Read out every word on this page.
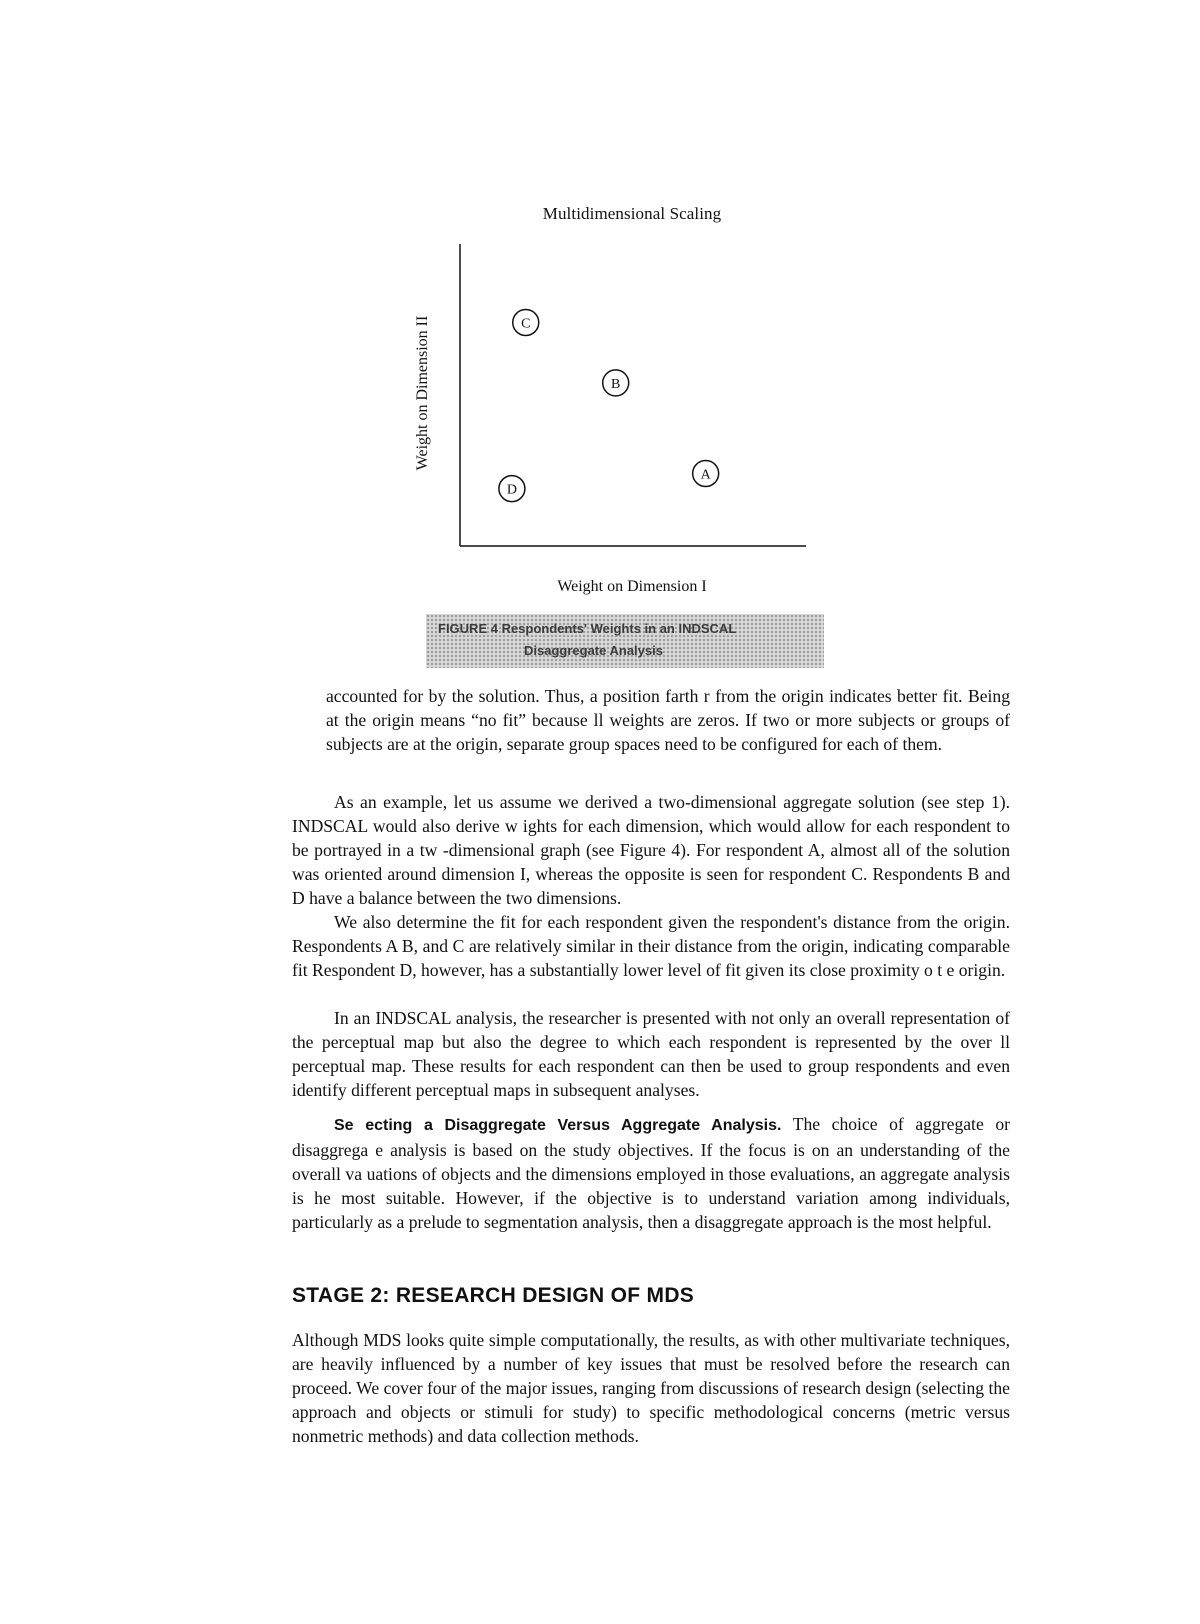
Multidimensional Scaling
C
B
A
D
Weight on Dimension II
Weight on Dimension I
FIGURE 4 Respondents' Weights in an INDSCAL
Disaggregate Analysis

accounted for by the solution. Thus, a position farth r from the origin indicates better fit. Being at the origin means “no fit” because ll weights are zeros. If two or more subjects or groups of subjects are at the origin, separate group spaces need to be configured for each of them.

As an example, let us assume we derived a two-dimensional aggregate solution (see step 1). INDSCAL would also derive w ights for each dimension, which would allow for each respondent to be portrayed in a tw -dimensional graph (see Figure 4). For respondent A, almost all of the solution was oriented around dimension I, whereas the opposite is seen for respondent C. Respondents B and D have a balance between the two dimensions.

We also determine the fit for each respondent given the respondent's distance from the origin. Respondents A B, and C are relatively similar in their distance from the origin, indicating comparable fit Respondent D, however, has a substantially lower level of fit given its close proximity o t e origin.

In an INDSCAL analysis, the researcher is presented with not only an overall representation of the perceptual map but also the degree to which each respondent is represented by the over ll perceptual map. These results for each respondent can then be used to group respondents and even identify different perceptual maps in subsequent analyses.

Se ecting a Disaggregate Versus Aggregate Analysis. The choice of aggregate or disaggrega e analysis is based on the study objectives. If the focus is on an understanding of the overall va uations of objects and the dimensions employed in those evaluations, an aggregate analysis is he most suitable. However, if the objective is to understand variation among individuals, particularly as a prelude to segmentation analysis, then a disaggregate approach is the most helpful.

STAGE 2: RESEARCH DESIGN OF MDS

Although MDS looks quite simple computationally, the results, as with other multivariate techniques, are heavily influenced by a number of key issues that must be resolved before the research can proceed. We cover four of the major issues, ranging from discussions of research design (selecting the approach and objects or stimuli for study) to specific methodological concerns (metric versus nonmetric methods) and data collection methods.
